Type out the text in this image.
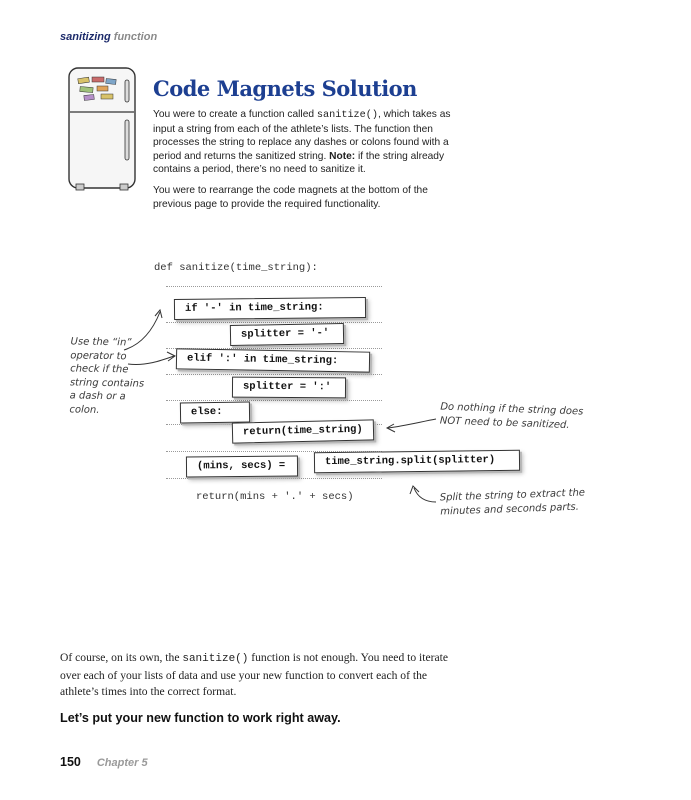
sanitizing function
Code Magnets Solution

You were to create a function called sanitize(), which takes as input a string from each of the athlete’s lists. The function then processes the string to replace any dashes or colons found with a period and returns the sanitized string. Note: if the string already contains a period, there’s no need to sanitize it.

You were to rearrange the code magnets at the bottom of the previous page to provide the required functionality.

def sanitize(time_string):
if '-' in time_string:
splitter = '-'
elif ':' in time_string:
splitter = ':'
else:
return(time_string)
(mins, secs) =	time_string.split(splitter)
return(mins + '.' + secs)
Use the “in”
operator to
check if the
string contains
a dash or a
colon.	Do nothing if the string does
NOT need to be sanitized.
Split the string to extract the
minutes and seconds parts.
Of course, on its own, the sanitize() function is not enough. You need to iterate over each of your lists of data and use your new function to convert each of the athlete’s times into the correct format.
Let’s put your new function to work right away.
150 Chapter 5
